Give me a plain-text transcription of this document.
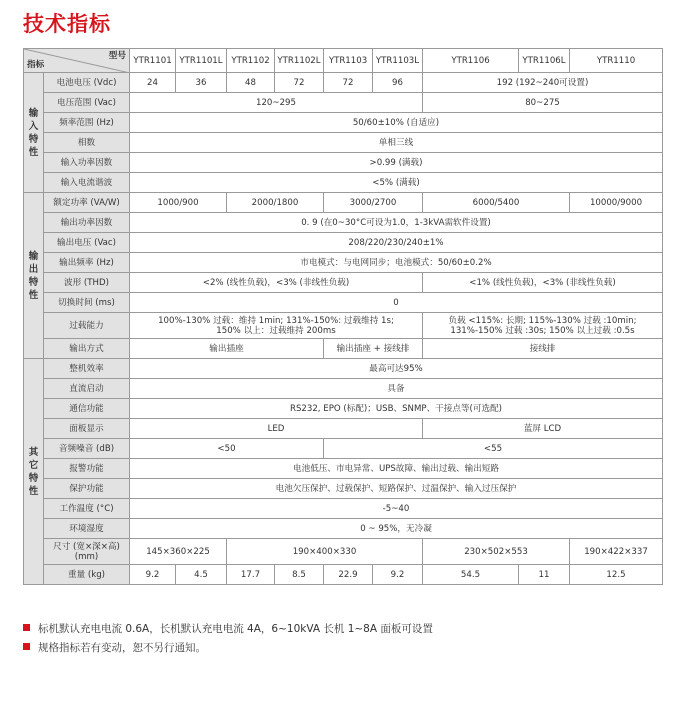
技术指标
型号
指标		YTR1101	YTR1101L	YTR1102	YTR1102L	YTR1103	YTR1103L	YTR1106	YTR1106L	YTR1110
输入特性	电池电压 (Vdc)	24	36	48	72	72	96	192 (192~240可设置)		
	电压范围 (Vac)	120~295						80~275		
	频率范围 (Hz)	50/60±10% (自适应)								
	相数	单相三线								
	输入功率因数	>0.99 (满载)								
	输入电流谐波	<5% (满载)								
输出特性	额定功率 (VA/W)	1000/900		2000/1800		3000/2700		6000/5400		10000/9000
	输出功率因数	0. 9 (在0~30°C可设为1.0，1-3kVA需软件设置)								
	输出电压 (Vac)	208/220/230/240±1%								
	输出频率 (Hz)	市电模式：与电网同步；电池模式：50/60±0.2%								
	波形 (THD)	<2% (线性负载)，<3% (非线性负载)						<1% (线性负载)，<3% (非线性负载)		
	切换时间 (ms)	0								
	过载能力	100%-130% 过载：维持 1min; 131%-150%: 过载维持 1s;
150% 以上：过载维持 200ms						负载 <115%: 长期; 115%-130% 过载 :10min;
131%-150% 过载 :30s; 150% 以上过载 :0.5s		
	输出方式	输出插座				输出插座 + 接线排		接线排		
其它特性	整机效率	最高可达95%								
	直流启动	具备								
	通信功能	RS232, EPO (标配)；USB、SNMP、干接点等(可选配)								
	面板显示	LED						蓝屏 LCD		
	音频噪音 (dB)	<50				<55				
	报警功能	电池低压、市电异常、UPS故障、输出过载、输出短路								
	保护功能	电池欠压保护、过载保护、短路保护、过温保护、输入过压保护								
	工作温度 (°C)	-5~40								
	环境湿度	0 ~ 95%，无冷凝								
	尺寸 (宽×深×高)
(mm)	145×360×225		190×400×330				230×502×553		190×422×337
	重量 (kg)	9.2	4.5	17.7	8.5	22.9	9.2	54.5	11	12.5
标机默认充电电流 0.6A，长机默认充电电流 4A，6~10kVA 长机 1~8A 面板可设置
规格指标若有变动，恕不另行通知。
